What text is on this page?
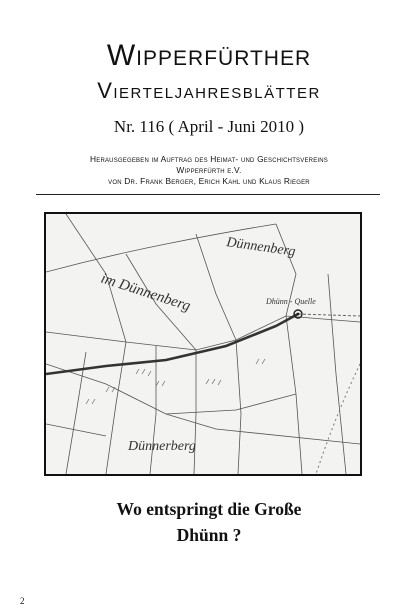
Wipperfürther
Vierteljahresblätter
Nr. 116 ( April - Juni 2010 )
Herausgegeben im Auftrag des Heimat- und Geschichtsvereins
Wipperfürth e.V.
von Dr. Frank Berger, Erich Kahl und Klaus Rieger
Dünnenberg
im Dünnenberg	Dhünn - Quelle
Dünnerberg
Wo entspringt die Große
Dhünn ?
2
